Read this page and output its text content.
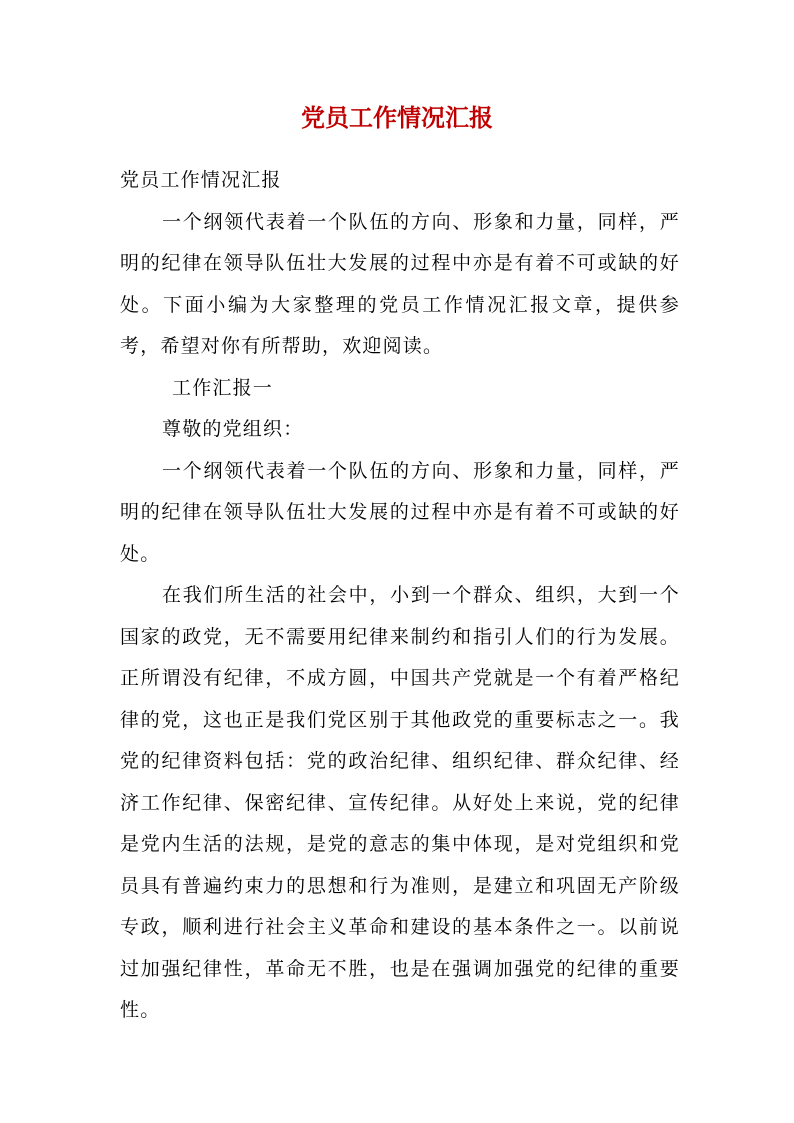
党员工作情况汇报

党员工作情况汇报

一个纲领代表着一个队伍的方向、形象和力量，同样，严明的纪律在领导队伍壮大发展的过程中亦是有着不可或缺的好处。下面小编为大家整理的党员工作情况汇报文章，提供参考，希望对你有所帮助，欢迎阅读。

工作汇报一

尊敬的党组织：

一个纲领代表着一个队伍的方向、形象和力量，同样，严明的纪律在领导队伍壮大发展的过程中亦是有着不可或缺的好处。

在我们所生活的社会中，小到一个群众、组织，大到一个国家的政党，无不需要用纪律来制约和指引人们的行为发展。正所谓没有纪律，不成方圆，中国共产党就是一个有着严格纪律的党，这也正是我们党区别于其他政党的重要标志之一。我党的纪律资料包括：党的政治纪律、组织纪律、群众纪律、经济工作纪律、保密纪律、宣传纪律。从好处上来说，党的纪律是党内生活的法规，是党的意志的集中体现，是对党组织和党员具有普遍约束力的思想和行为准则，是建立和巩固无产阶级专政，顺利进行社会主义革命和建设的基本条件之一。以前说过加强纪律性，革命无不胜，也是在强调加强党的纪律的重要性。
